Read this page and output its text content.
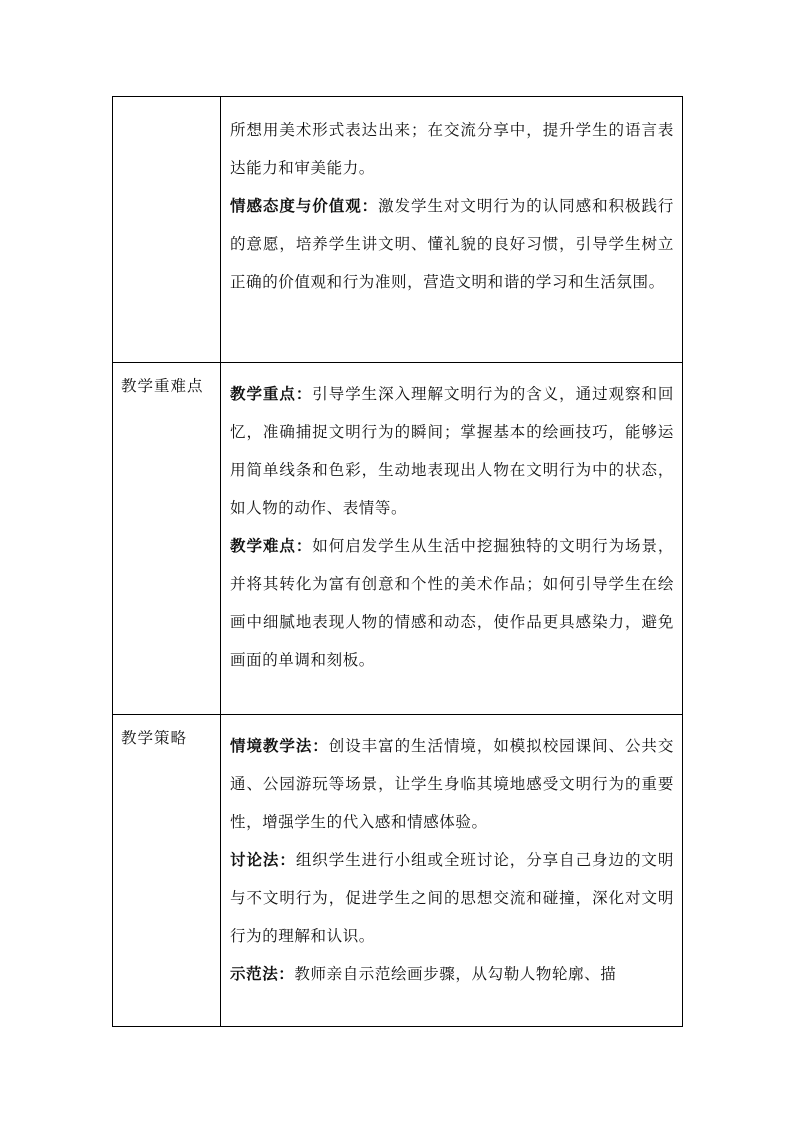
	所想用美术形式表达出来；在交流分享中，提升学生的语言表达能力和审美能力。

情感态度与价值观：激发学生对文明行为的认同感和积极践行的意愿，培养学生讲文明、懂礼貌的良好习惯，引导学生树立正确的价值观和行为准则，营造文明和谐的学习和生活氛围。

教学重难点	教学重点：引导学生深入理解文明行为的含义，通过观察和回忆，准确捕捉文明行为的瞬间；掌握基本的绘画技巧，能够运用简单线条和色彩，生动地表现出人物在文明行为中的状态，如人物的动作、表情等。

教学难点：如何启发学生从生活中挖掘独特的文明行为场景，并将其转化为富有创意和个性的美术作品；如何引导学生在绘画中细腻地表现人物的情感和动态，使作品更具感染力，避免画面的单调和刻板。

教学策略	情境教学法：创设丰富的生活情境，如模拟校园课间、公共交通、公园游玩等场景，让学生身临其境地感受文明行为的重要性，增强学生的代入感和情感体验。

讨论法：组织学生进行小组或全班讨论，分享自己身边的文明与不文明行为，促进学生之间的思想交流和碰撞，深化对文明行为的理解和认识。

示范法：教师亲自示范绘画步骤，从勾勒人物轮廓、描
